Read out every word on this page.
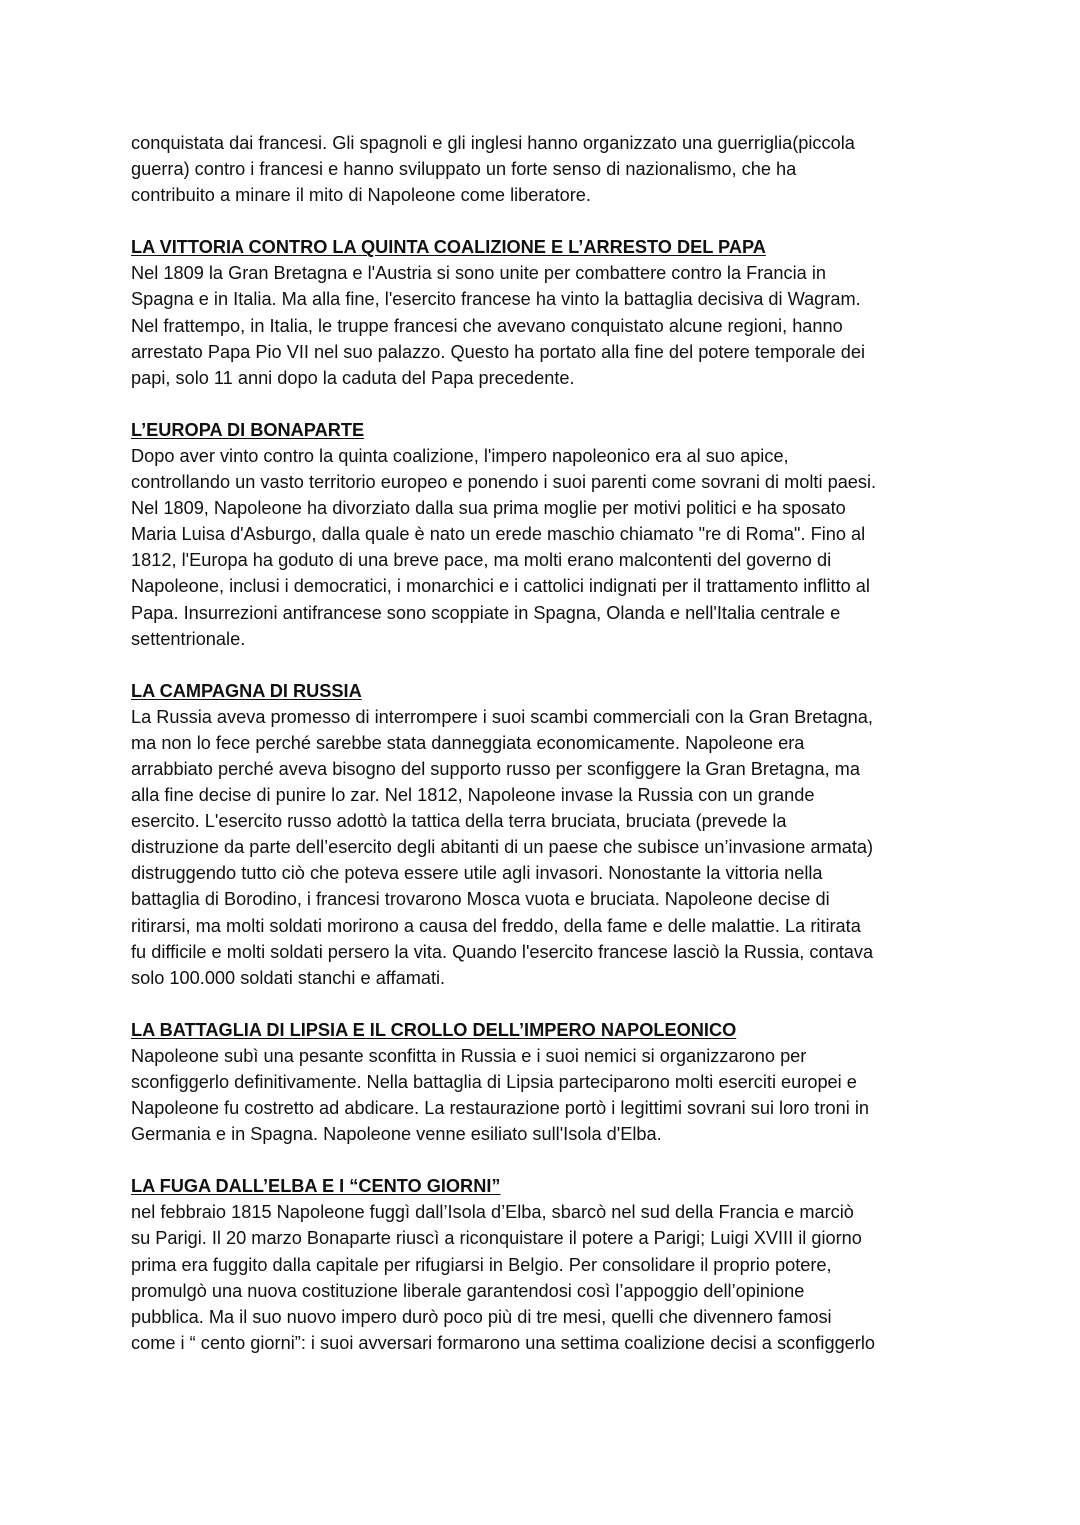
conquistata dai francesi. Gli spagnoli e gli inglesi hanno organizzato una guerriglia(piccola
guerra) contro i francesi e hanno sviluppato un forte senso di nazionalismo, che ha
contribuito a minare il mito di Napoleone come liberatore.

LA VITTORIA CONTRO LA QUINTA COALIZIONE E L’ARRESTO DEL PAPA

Nel 1809 la Gran Bretagna e l'Austria si sono unite per combattere contro la Francia in
Spagna e in Italia. Ma alla fine, l'esercito francese ha vinto la battaglia decisiva di Wagram.
Nel frattempo, in Italia, le truppe francesi che avevano conquistato alcune regioni, hanno
arrestato Papa Pio VII nel suo palazzo. Questo ha portato alla fine del potere temporale dei
papi, solo 11 anni dopo la caduta del Papa precedente.

L’EUROPA DI BONAPARTE

Dopo aver vinto contro la quinta coalizione, l'impero napoleonico era al suo apice,
controllando un vasto territorio europeo e ponendo i suoi parenti come sovrani di molti paesi.
Nel 1809, Napoleone ha divorziato dalla sua prima moglie per motivi politici e ha sposato
Maria Luisa d'Asburgo, dalla quale è nato un erede maschio chiamato "re di Roma". Fino al
1812, l'Europa ha goduto di una breve pace, ma molti erano malcontenti del governo di
Napoleone, inclusi i democratici, i monarchici e i cattolici indignati per il trattamento inflitto al
Papa. Insurrezioni antifrancese sono scoppiate in Spagna, Olanda e nell'Italia centrale e
settentrionale.

LA CAMPAGNA DI RUSSIA

La Russia aveva promesso di interrompere i suoi scambi commerciali con la Gran Bretagna,
ma non lo fece perché sarebbe stata danneggiata economicamente. Napoleone era
arrabbiato perché aveva bisogno del supporto russo per sconfiggere la Gran Bretagna, ma
alla fine decise di punire lo zar. Nel 1812, Napoleone invase la Russia con un grande
esercito. L'esercito russo adottò la tattica della terra bruciata, bruciata (prevede la
distruzione da parte dell’esercito degli abitanti di un paese che subisce un’invasione armata)
distruggendo tutto ciò che poteva essere utile agli invasori. Nonostante la vittoria nella
battaglia di Borodino, i francesi trovarono Mosca vuota e bruciata. Napoleone decise di
ritirarsi, ma molti soldati morirono a causa del freddo, della fame e delle malattie. La ritirata
fu difficile e molti soldati persero la vita. Quando l'esercito francese lasciò la Russia, contava
solo 100.000 soldati stanchi e affamati.

LA BATTAGLIA DI LIPSIA E IL CROLLO DELL’IMPERO NAPOLEONICO

Napoleone subì una pesante sconfitta in Russia e i suoi nemici si organizzarono per
sconfiggerlo definitivamente. Nella battaglia di Lipsia parteciparono molti eserciti europei e
Napoleone fu costretto ad abdicare. La restaurazione portò i legittimi sovrani sui loro troni in
Germania e in Spagna. Napoleone venne esiliato sull'Isola d'Elba.

LA FUGA DALL’ELBA E I “CENTO GIORNI”

nel febbraio 1815 Napoleone fuggì dall’Isola d’Elba, sbarcò nel sud della Francia e marciò
su Parigi. Il 20 marzo Bonaparte riuscì a riconquistare il potere a Parigi; Luigi XVIII il giorno
prima era fuggito dalla capitale per rifugiarsi in Belgio. Per consolidare il proprio potere,
promulgò una nuova costituzione liberale garantendosi così l’appoggio dell’opinione
pubblica. Ma il suo nuovo impero durò poco più di tre mesi, quelli che divennero famosi
come i “ cento giorni”: i suoi avversari formarono una settima coalizione decisi a sconfiggerlo
